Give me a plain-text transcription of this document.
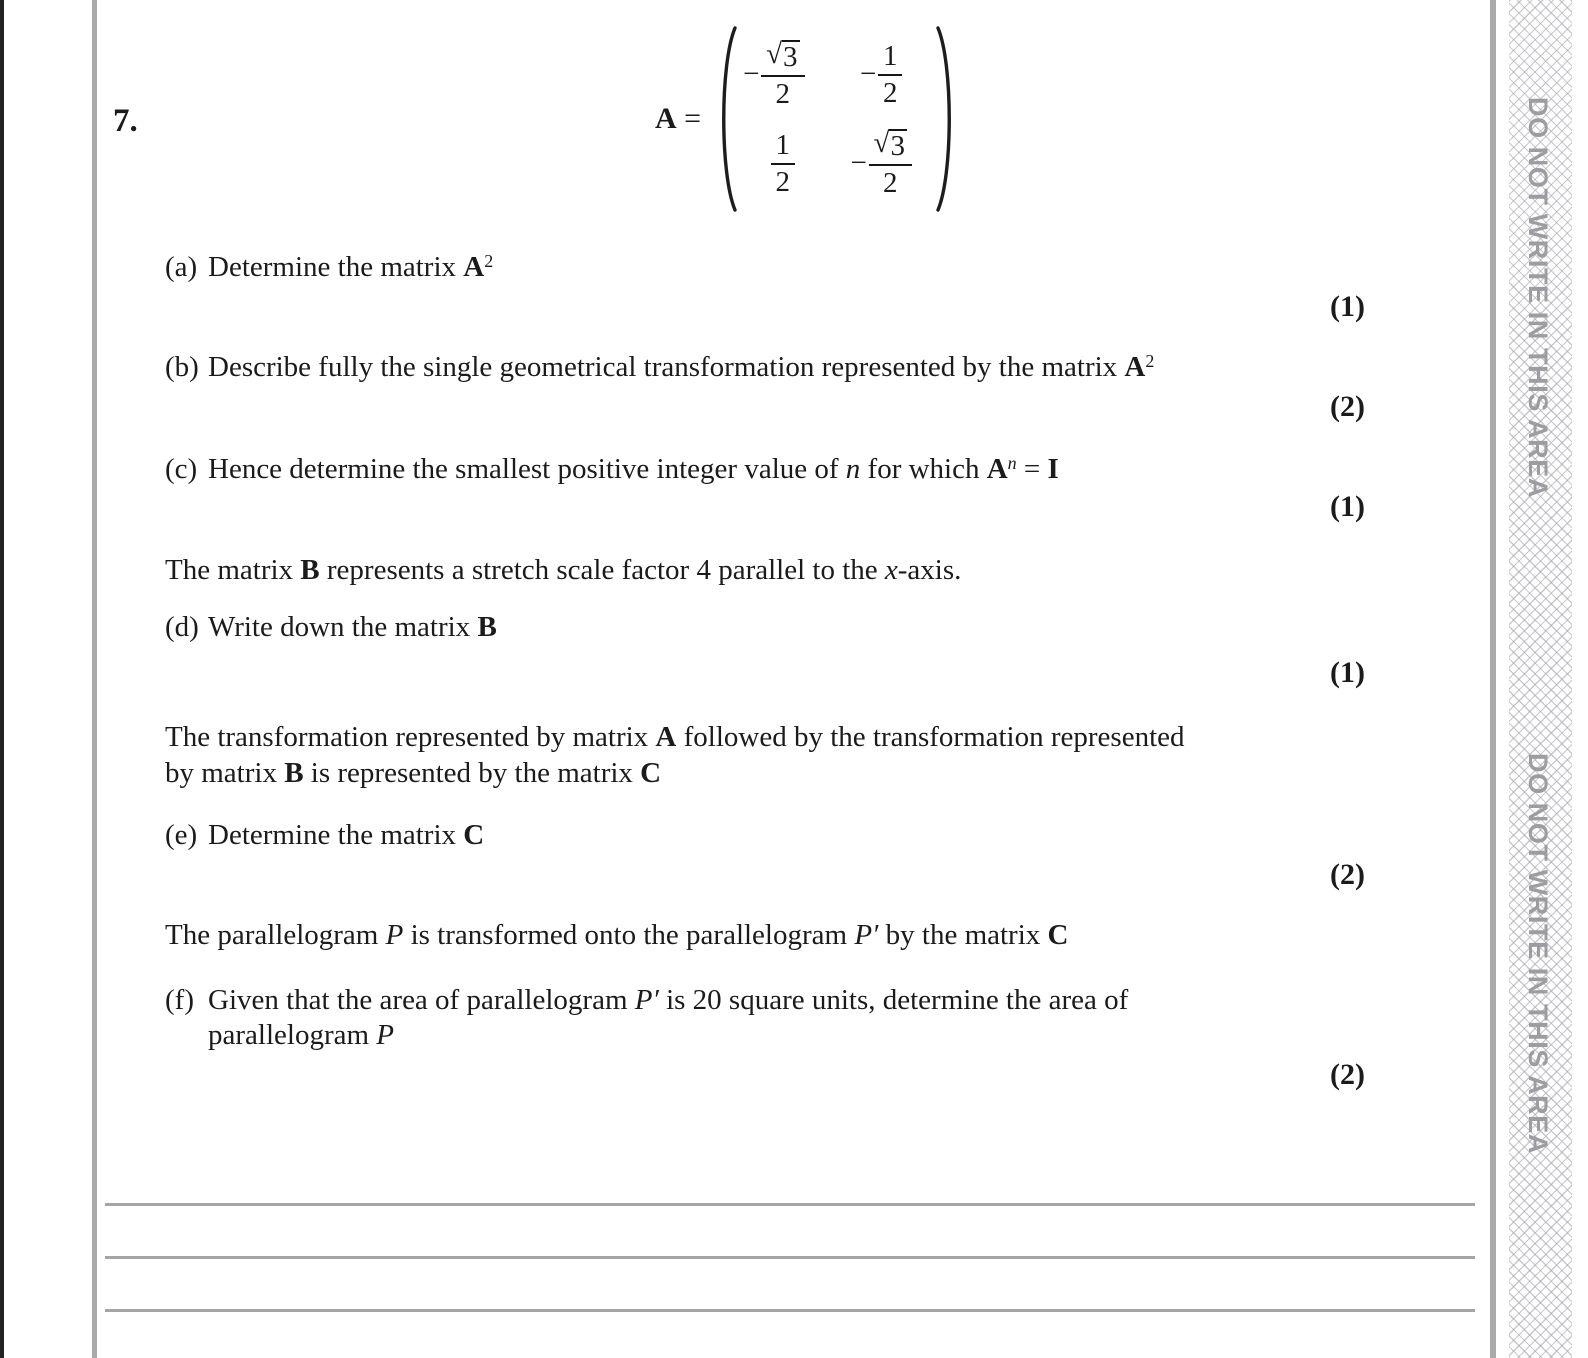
DO NOT WRITE IN THIS AREA
DO NOT WRITE IN THIS AREA
7.	A =
− $\frac{√ 3}{2} - \frac{1}{2}$
$\frac{1}{2} - \frac{√ 3}{2}$
(a) Determine the matrix $A^2$
(1)
(b) Describe fully the single geometrical transformation represented by the matrix $A^2$
(2)
(c) Hence determine the smallest positive integer value of n for which $A^n = I$
(1)
The matrix B represents a stretch scale factor 4 parallel to the x-axis.
(d) Write down the matrix B
(1)
The transformation represented by matrix A followed by the transformation represented
by matrix B is represented by the matrix C
(e) Determine the matrix C
(2)
The parallelogram P is transformed onto the parallelogram P′ by the matrix C
(f) Given that the area of parallelogram P′ is 20 square units, determine the area of
parallelogram P
(2)
